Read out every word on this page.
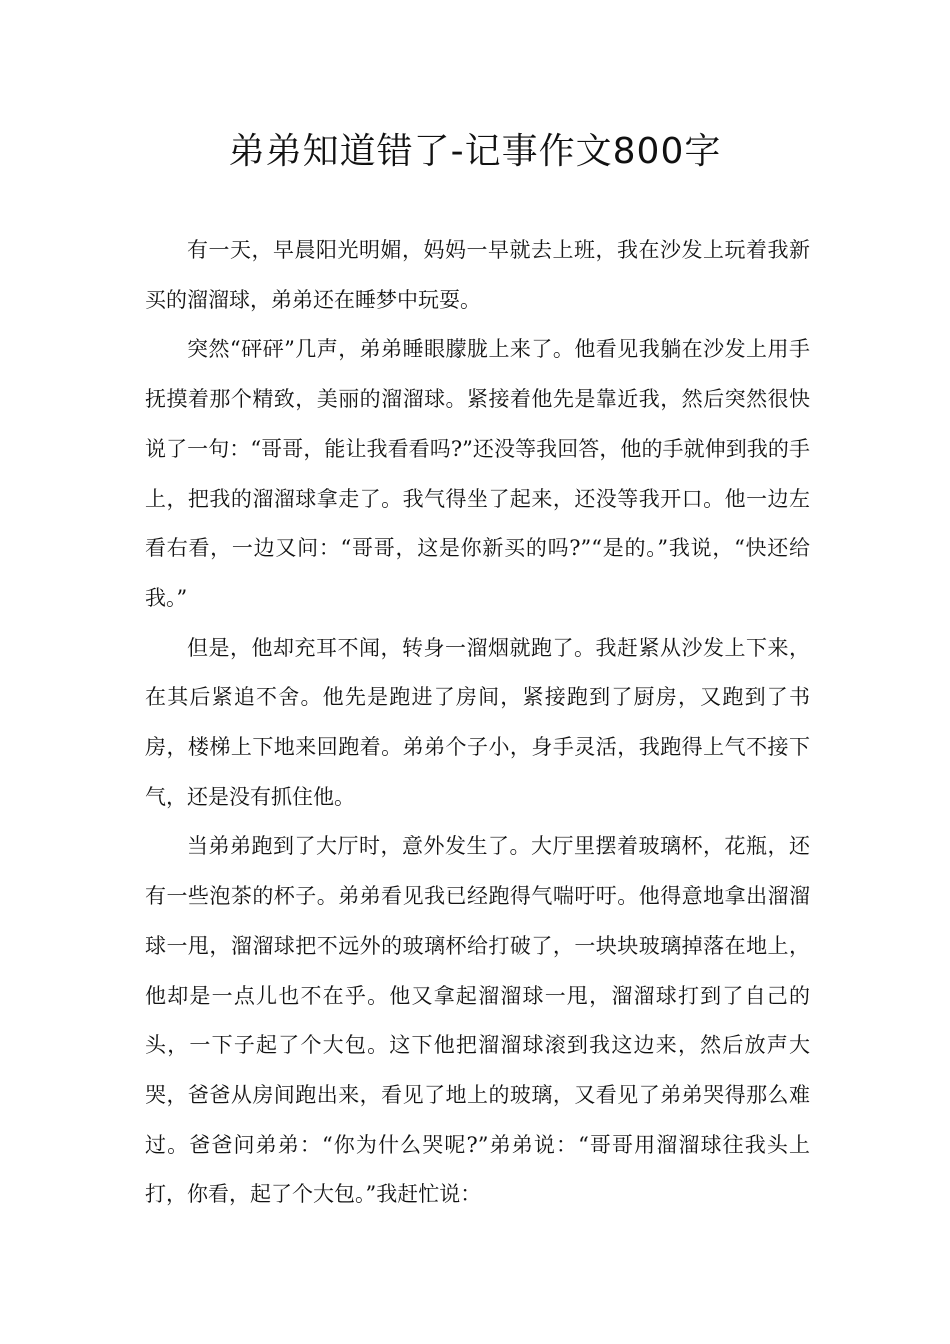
弟弟知道错了-记事作文800字

有一天，早晨阳光明媚，妈妈一早就去上班，我在沙发上玩着我新买的溜溜球，弟弟还在睡梦中玩耍。

突然“砰砰”几声，弟弟睡眼朦胧上来了。他看见我躺在沙发上用手抚摸着那个精致，美丽的溜溜球。紧接着他先是靠近我，然后突然很快说了一句：“哥哥，能让我看看吗?”还没等我回答，他的手就伸到我的手上，把我的溜溜球拿走了。我气得坐了起来，还没等我开口。他一边左看右看，一边又问：“哥哥，这是你新买的吗?”“是的。”我说，“快还给我。”

但是，他却充耳不闻，转身一溜烟就跑了。我赶紧从沙发上下来，在其后紧追不舍。他先是跑进了房间，紧接跑到了厨房，又跑到了书房，楼梯上下地来回跑着。弟弟个子小，身手灵活，我跑得上气不接下气，还是没有抓住他。

当弟弟跑到了大厅时，意外发生了。大厅里摆着玻璃杯，花瓶，还有一些泡茶的杯子。弟弟看见我已经跑得气喘吁吁。他得意地拿出溜溜球一甩，溜溜球把不远外的玻璃杯给打破了，一块块玻璃掉落在地上，他却是一点儿也不在乎。他又拿起溜溜球一甩，溜溜球打到了自己的头，一下子起了个大包。这下他把溜溜球滚到我这边来，然后放声大哭，爸爸从房间跑出来，看见了地上的玻璃，又看见了弟弟哭得那么难过。爸爸问弟弟：“你为什么哭呢?”弟弟说：“哥哥用溜溜球往我头上打，你看，起了个大包。”我赶忙说：
